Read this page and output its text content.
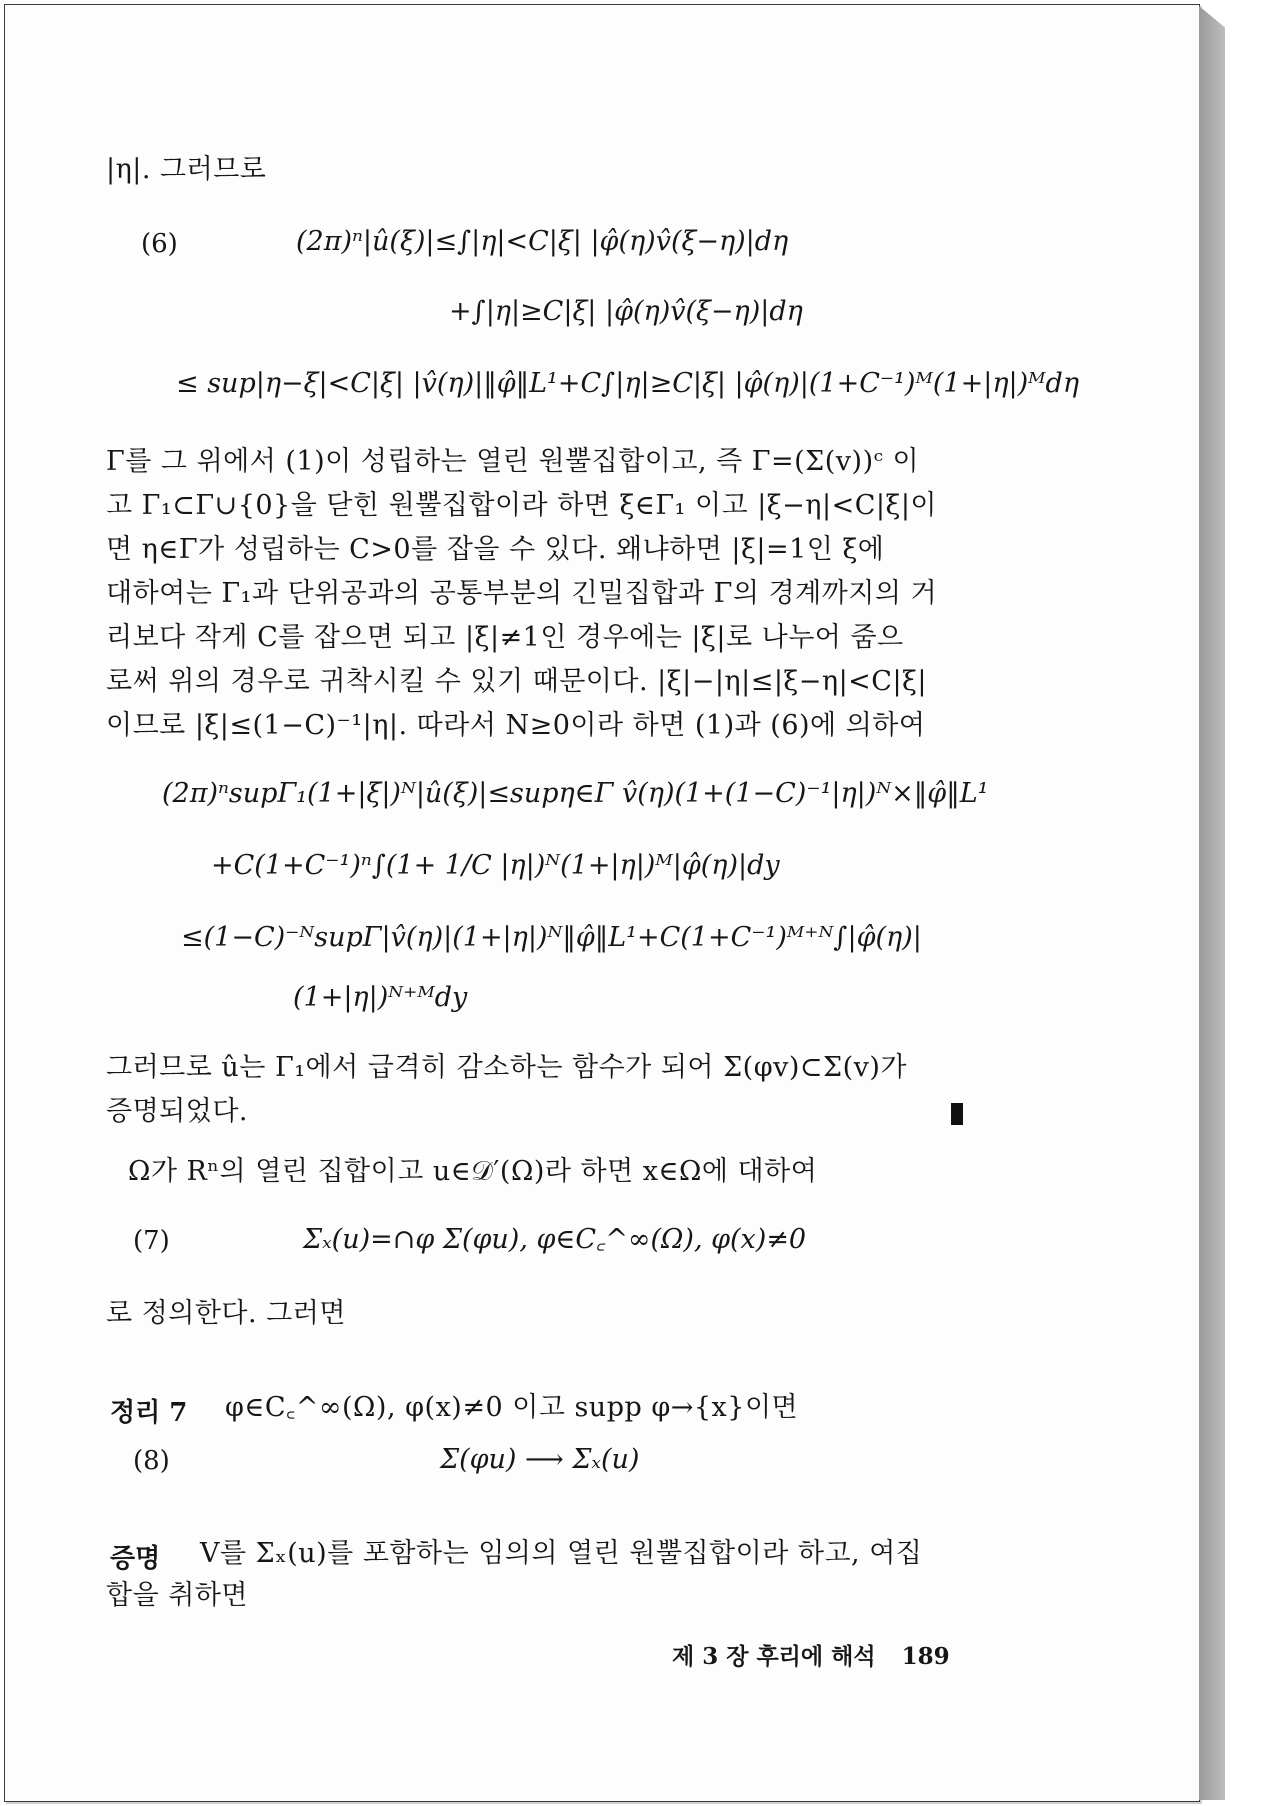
|η|. 그러므로
(6)	(2π)ⁿ|û(ξ)|≤∫|η|<C|ξ| |φ̂(η)v̂(ξ−η)|dη
+∫|η|≥C|ξ| |φ̂(η)v̂(ξ−η)|dη
≤ sup|η−ξ|<C|ξ| |v̂(η)|‖φ̂‖L¹+C∫|η|≥C|ξ| |φ̂(η)|(1+C⁻¹)ᴹ(1+|η|)ᴹdη
Γ를 그 위에서 (1)이 성립하는 열린 원뿔집합이고, 즉 Γ=(Σ(v))ᶜ 이
고 Γ₁⊂Γ∪{0}을 닫힌 원뿔집합이라 하면 ξ∈Γ₁ 이고 |ξ−η|<C|ξ|이
면 η∈Γ가 성립하는 C>0를 잡을 수 있다. 왜냐하면 |ξ|=1인 ξ에
대하여는 Γ₁과 단위공과의 공통부분의 긴밀집합과 Γ의 경계까지의 거
리보다 작게 C를 잡으면 되고 |ξ|≠1인 경우에는 |ξ|로 나누어 줌으
로써 위의 경우로 귀착시킬 수 있기 때문이다. |ξ|−|η|≤|ξ−η|<C|ξ|
이므로 |ξ|≤(1−C)⁻¹|η|. 따라서 N≥0이라 하면 (1)과 (6)에 의하여
(2π)ⁿsupΓ₁(1+|ξ|)ᴺ|û(ξ)|≤supη∈Γ v̂(η)(1+(1−C)⁻¹|η|)ᴺ×‖φ̂‖L¹
+C(1+C⁻¹)ⁿ∫(1+ 1/C |η|)ᴺ(1+|η|)ᴹ|φ̂(η)|dy
≤(1−C)⁻ᴺsupΓ|v̂(η)|(1+|η|)ᴺ‖φ̂‖L¹+C(1+C⁻¹)ᴹ⁺ᴺ∫|φ̂(η)|
(1+|η|)ᴺ⁺ᴹdy
그러므로 û는 Γ₁에서 급격히 감소하는 함수가 되어 Σ(φv)⊂Σ(v)가
증명되었다.
Ω가 Rⁿ의 열린 집합이고 u∈𝒟′(Ω)라 하면 x∈Ω에 대하여
(7)	Σₓ(u)=∩φ Σ(φu), φ∈C꜀^∞(Ω), φ(x)≠0
로 정의한다. 그러면
정리 7 φ∈C꜀^∞(Ω), φ(x)≠0 이고 supp φ→{x}이면
(8)	Σ(φu) ⟶ Σₓ(u)
증명 V를 Σₓ(u)를 포함하는 임의의 열린 원뿔집합이라 하고, 여집
합을 취하면
제 3 장 후리에 해석 189
